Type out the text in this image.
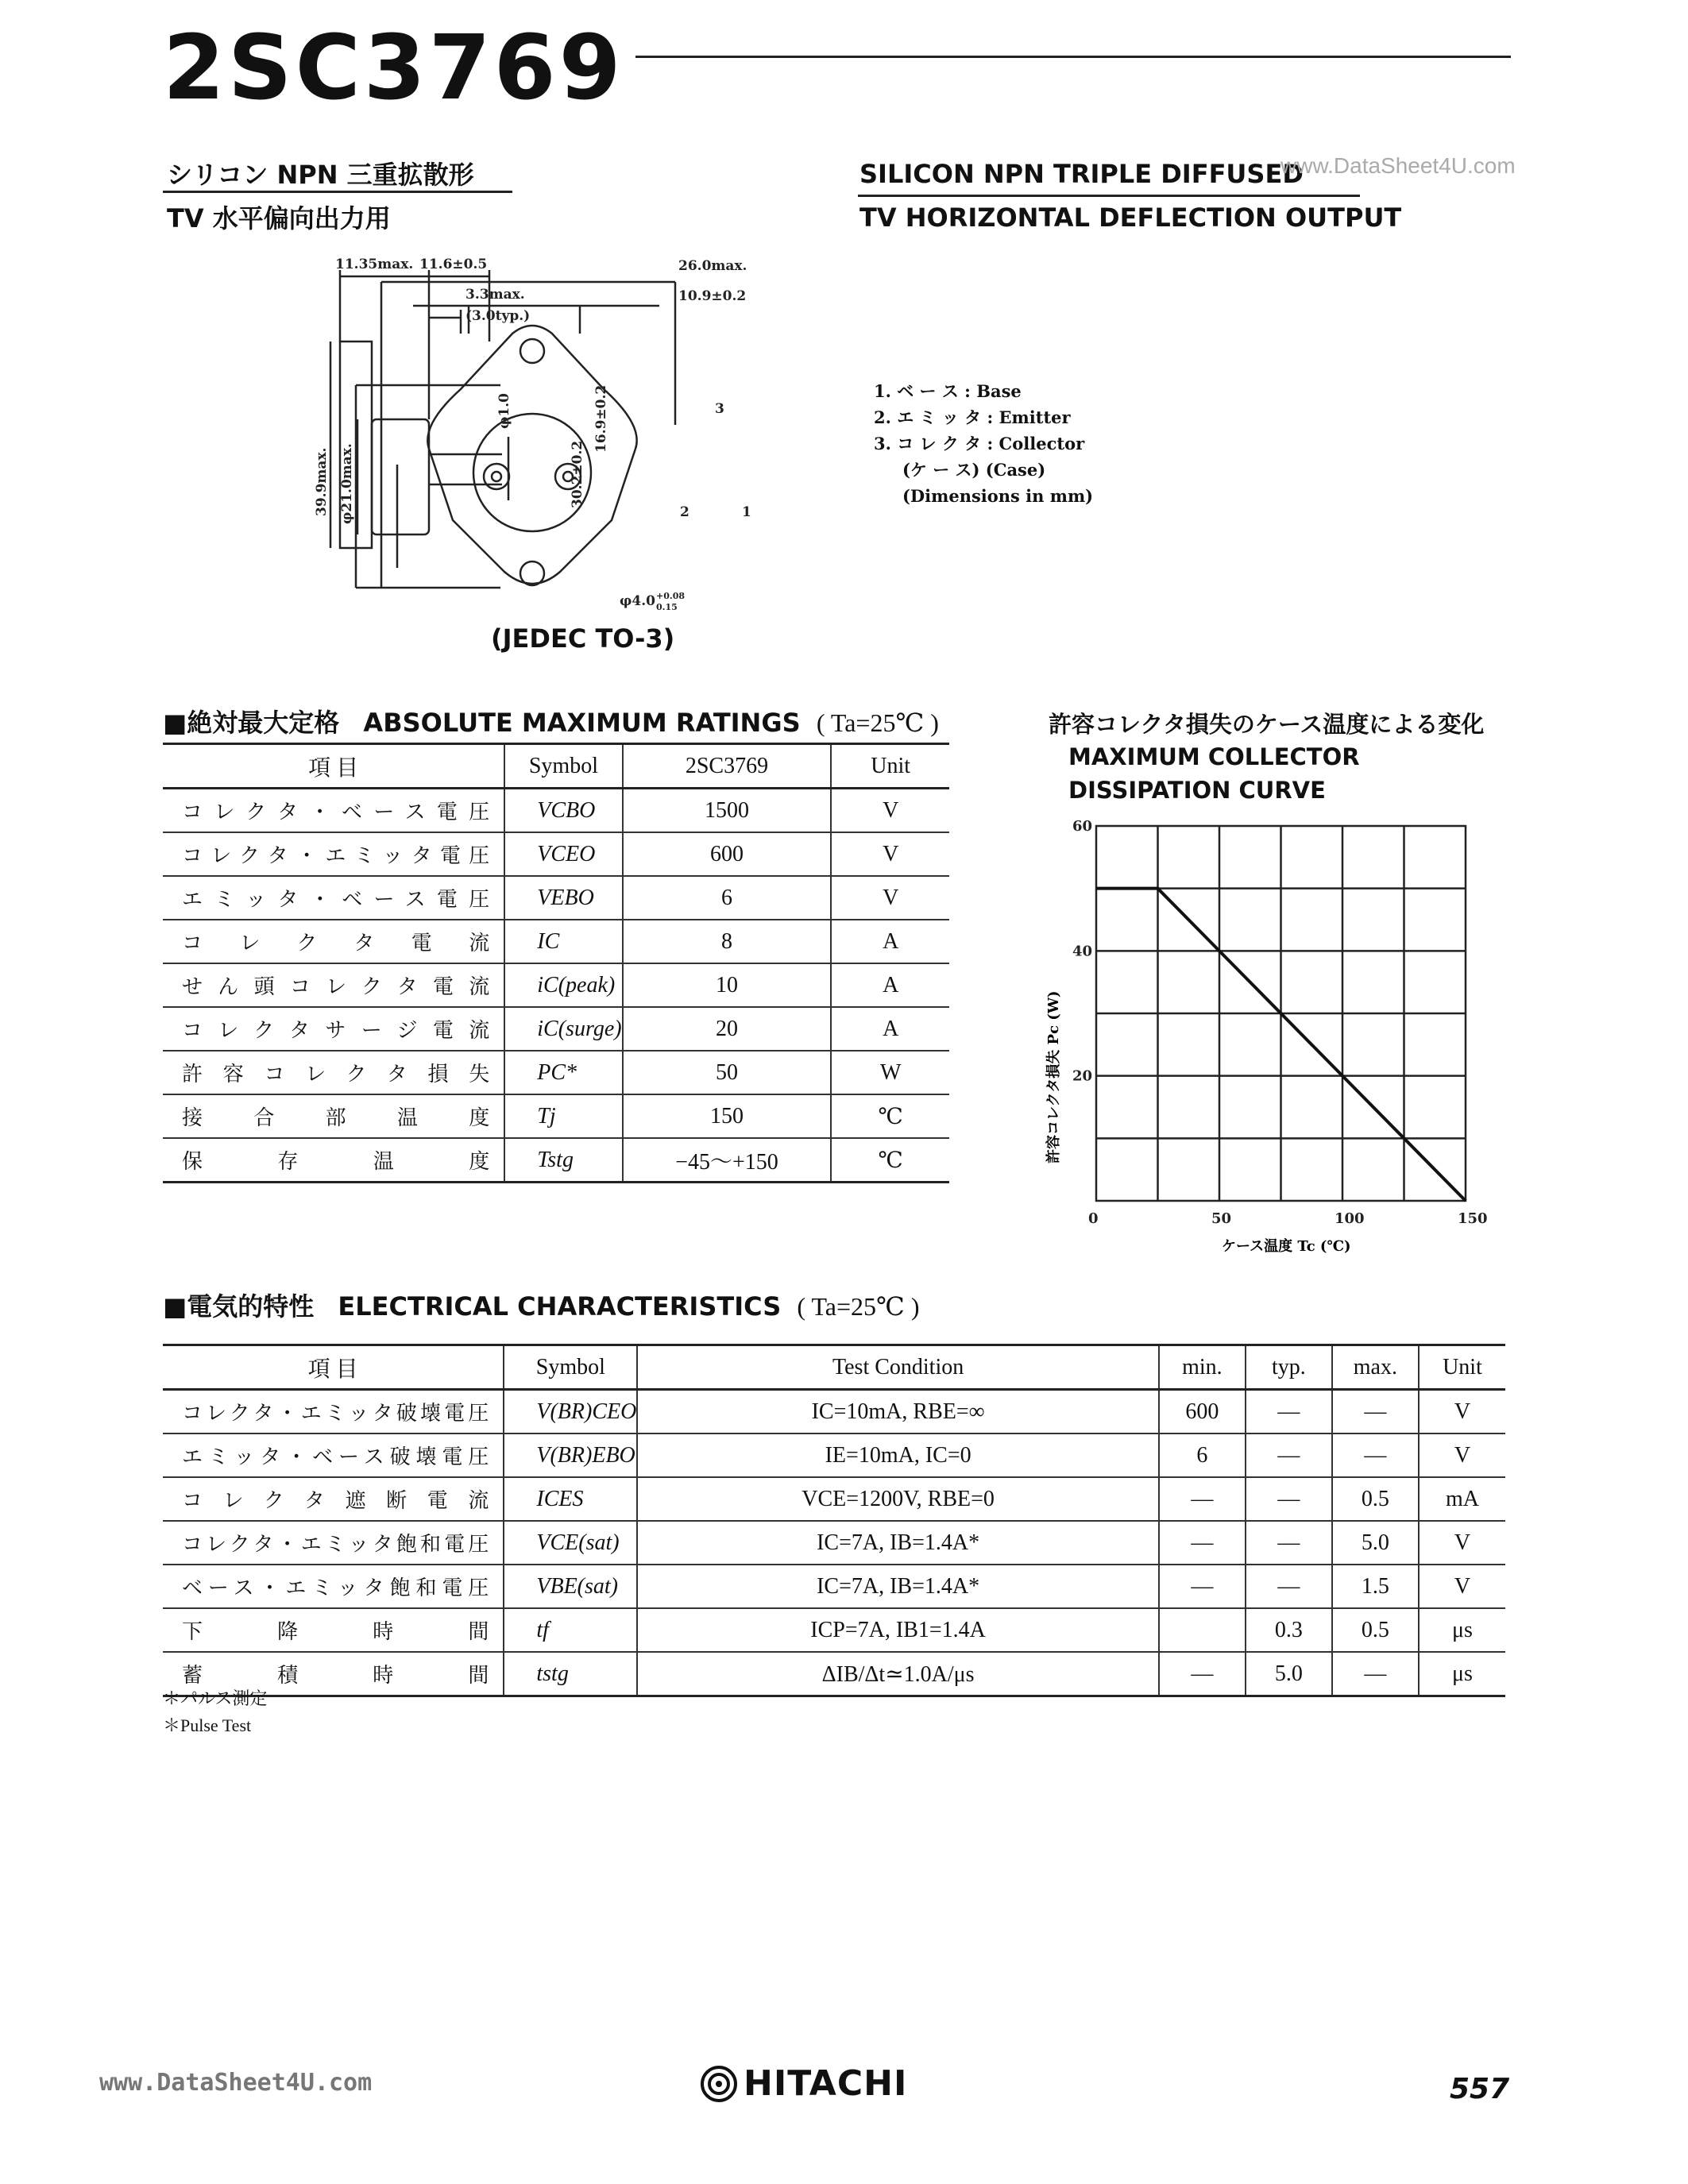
2SC3769
シリコン NPN 三重拡散形
TV 水平偏向出力用
SILICON NPN TRIPLE DIFFUSED
www.DataSheet4U.com
TV HORIZONTAL DEFLECTION OUTPUT
11.35max. 11.6±0.5
3.3max.
(3.0typ.)
26.0max.
10.9±0.2
39.9max. φ21.0max.
φ1.0
30.2±0.2
16.9±0.2
φ4.0 +0.08
0.15
3
2	1
(JEDEC TO-3)
1. ベ ー ス : Base
2. エ ミ ッ タ : Emitter
3. コ レ ク タ : Collector
(ケ ー ス) (Case)
(Dimensions in mm)
■絶対最大定格 ABSOLUTE MAXIMUM RATINGS ( Ta=25℃ )
項 目	Symbol	2SC3769	Unit
コレクタ・ベース電圧	VCBO	1500	V
コレクタ・エミッタ電圧	VCEO	600	V
エミッタ・ベース電圧	VEBO	6	V
コレクタ電流	IC	8	A
せん頭コレクタ電流	iC(peak)	10	A
コレクタサージ電流	iC(surge)	20	A
許容コレクタ損失	PC*	50	W
接合部温度	Tj	150	℃
保存温度	Tstg	−45〜+150	℃
許容コレクタ損失のケース温度による変化
MAXIMUM COLLECTOR DISSIPATION CURVE
0	50	100	150
20
40
60
ケース温度 Tc (℃)
許容コレクタ損失 Pc (W)
■電気的特性 ELECTRICAL CHARACTERISTICS ( Ta=25℃ )
項 目	Symbol	Test Condition	min.	typ.	max.	Unit
コレクタ・エミッタ破壊電圧	V(BR)CEO	IC=10mA, RBE=∞	600	—	—	V
エミッタ・ベース破壊電圧	V(BR)EBO	IE=10mA, IC=0	6	—	—	V
コレクタ遮断電流	ICES	VCE=1200V, RBE=0	—	—	0.5	mA
コレクタ・エミッタ飽和電圧	VCE(sat)	IC=7A, IB=1.4A*	—	—	5.0	V
ベース・エミッタ飽和電圧	VBE(sat)	IC=7A, IB=1.4A*	—	—	1.5	V
下降時間	tf	ICP=7A, IB1=1.4A		0.3	0.5	μs
蓄積時間	tstg	ΔIB/Δt≃1.0A/μs	—	5.0	—	μs
＊パルス測定
＊Pulse Test
www.DataSheet4U.com	HITACHI	557
